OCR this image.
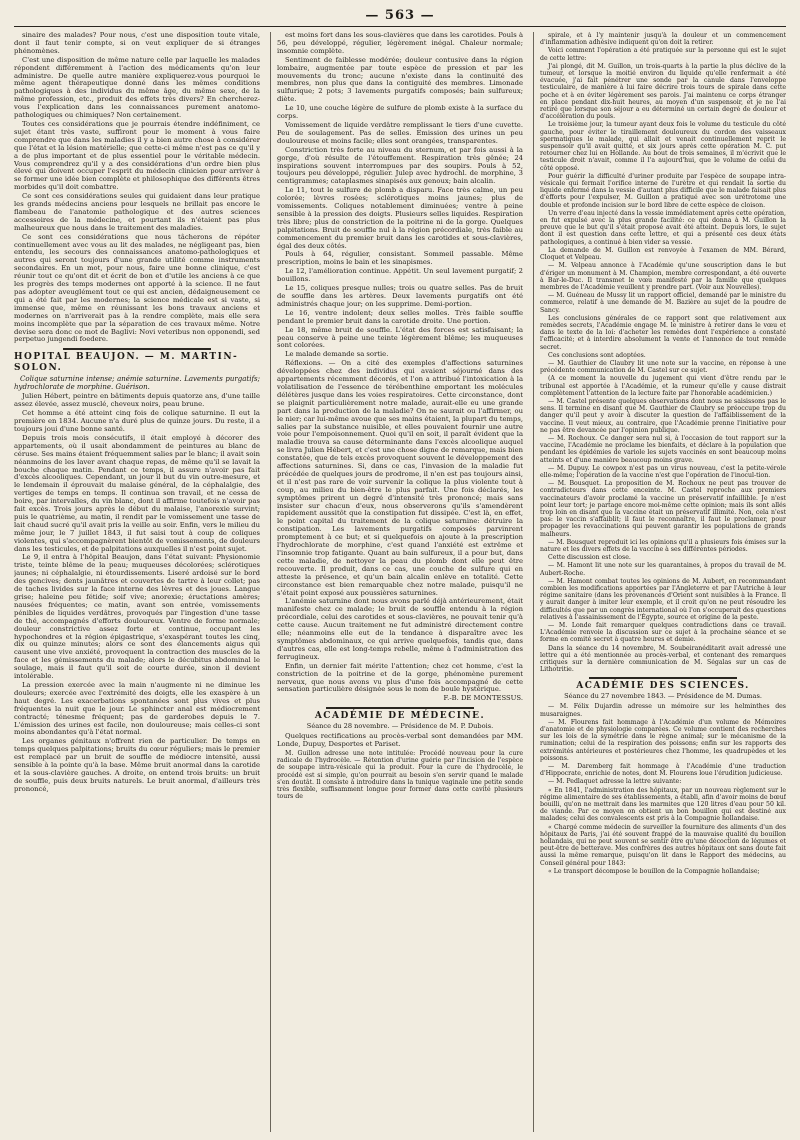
— 563 —

sinaire des malades? Pour nous, c'est une disposition toute vitale, dont il faut tenir compte, si on veut expliquer de si étranges phénomènes.

C'est une disposition de même nature celle par laquelle les malades répondent différemment à l'action des médicaments qu'on leur administre. De quelle autre manière expliquerez-vous pourquoi le même agent thérapeutique donné dans les mêmes conditions pathologiques à des individus du même âge, du même sexe, de la même profession, etc., produit des effets très divers? En chercherez-vous l'explication dans les connaissances purement anatomo-pathologiques ou chimiques? Non certainement.

Toutes ces considérations que je pourrais étendre indéfiniment, ce sujet étant très vaste, suffiront pour le moment à vous faire comprendre que dans les maladies il y a bien autre chose à considérer que l'état et la lésion matérielle; que cette-ci même n'est pas ce qu'il y a de plus important et de plus essentiel pour le véritable médecin. Vous comprendrez qu'il y a des considérations d'un ordre bien plus élevé qui doivent occuper l'esprit du médecin clinicien pour arriver à se former une idée bien complète et philosophique des différents êtres morbides qu'il doit combattre.

Ce sont ces considérations seules qui guidaient dans leur pratique les grands médecins anciens pour lesquels ne brillait pas encore le flambeau de l'anatomie pathologique et des autres sciences accessoires de la médecine, et pourtant ils n'étaient pas plus malheureux que nous dans le traitement des maladies.

Ce sont ces considérations que nous tâcherons de répéter continuellement avec vous au lit des malades, ne négligeant pas, bien entendu, les secours des connaissances anatomo-pathologiques et autres qui seront toujours d'une grande utilité comme instruments secondaires. En un mot, pour nous, faire une bonne clinique, c'est réunir tout ce qu'ont dit et écrit de bon et d'utile les anciens à ce que les progrès des temps modernes ont apporté à la science. Il ne faut pas adopter aveuglément tout ce qui est ancien, dédaigneusement ce qui a été fait par les modernes; la science médicale est si vaste, si immense que, même en réunissant les bons travaux anciens et modernes on n'arriverait pas à la rendre complète, mais elle sera moins incomplète que par la séparation de ces travaux même. Notre devise sera donc ce mot de Baglivi: Novi veteribus non opponendi, sed perpetuo jungendi foedere.

HOPITAL BEAUJON. — M. MARTIN-SOLON.
Colique saturnine intense; anémie saturnine. Lavements purgatifs; hydrochlorate de morphine. Guérison.

Julien Hébert, peintre en bâtiments depuis quatorze ans, d'une taille assez élevée, assez musclé, cheveux noirs, peau brune.

Cet homme a été atteint cinq fois de colique saturnine. Il eut la première en 1834. Aucune n'a duré plus de quinze jours. Du reste, il a toujours joui d'une bonne santé.

Depuis trois mois consécutifs, il était employé à décorer des appartements, où il usait abondamment de peintures au blanc de céruse. Ses mains étaient fréquemment salies par le blanc; il avait soin néanmoins de les laver avant chaque repas, de même qu'il se lavait la bouche chaque matin. Pendant ce temps, il assure n'avoir pas fait d'excès alcooliques. Cependant, un jour il but du vin outre-mesure, et le lendemain il éprouvait du malaise général, de la céphalalgie, des vertiges de temps en temps. Il continua son travail, et ne cessa de boire, par intervalles, du vin blanc, dont il affirme toutefois n'avoir pas fait excès. Trois jours après le début du malaise, l'anorexie survint; puis le quatrième, au matin, il rendit par le vomissement une tasse de lait chaud sucré qu'il avait pris la veille au soir. Enfin, vers le milieu du même jour, le 7 juillet 1843, il fut saisi tout à coup de coliques violentes, qui s'accompagnèrent bientôt de vomissements, de douleurs dans les testicules, et de palpitations auxquelles il n'est point sujet.

Le 9, il entra à l'hôpital Beaujon, dans l'état suivant: Physionomie triste, teinte blême de la peau; muqueuses décolorées; sclérotiques jaunes; ni céphalalgie, ni étourdissements. Liseré ardoisé sur le bord des gencives; dents jaunâtres et couvertes de tartre à leur collet; pas de taches livides sur la face interne des lèvres et des joues. Langue grise; haleine peu fétide; soif vive; anorexie; éructations amères; nausées fréquentes; ce matin, avant son entrée, vomissements pénibles de liquides verdâtres, provoqués par l'ingestion d'une tasse de thé, accompagnés d'efforts douloureux. Ventre de forme normale; douleur constrictive assez forte et continue, occupant les hypochondres et la région épigastrique, s'exaspérant toutes les cinq, dix ou quinze minutes; alors ce sont des élancements aigus qui causent une vive anxiété, provoquent la contraction des muscles de la face et les gémissements du malade; alors le décubitus abdominal le soulage, mais il faut qu'il soit de courte durée, sinon il devient intolérable.

La pression exercée avec la main n'augmente ni ne diminue les douleurs; exercée avec l'extrémité des doigts, elle les exaspère à un haut degré. Les exacerbations spontanées sont plus vives et plus fréquentes la nuit que le jour. Le sphincter anal est médiocrement contracté; ténesme fréquent; pas de garderobes depuis le 7. L'émission des urines est facile, non douloureuse; mais celles-ci sont moins abondantes qu'à l'état normal.

Les organes génitaux n'offrent rien de particulier. De temps en temps quelques palpitations; bruits du cœur réguliers; mais le premier est remplacé par un bruit de souffle de médiocre intensité, aussi sensible à la pointe qu'à la base. Même bruit anormal dans la carotide et la sous-clavière gauches. A droite, on entend trois bruits: un bruit de souffle, puis deux bruits naturels. Le bruit anormal, d'ailleurs très prononcé,

est moins fort dans les sous-clavières que dans les carotides. Pouls à 56, peu développé, régulier, légèrement inégal. Chaleur normale; insomnie complète.

Sentiment de faiblesse modérée; douleur contusive dans la région lombaire, augmentée par toute espèce de pression et par les mouvements du tronc; aucune n'existe dans la continuité des membres, non plus que dans la contiguité des membres. Limonade sulfurique; 2 pots; 3 lavements purgatifs composés; bain sulfureux; diète.

Le 10, une couche légère de sulfure de plomb existe à la surface du corps.

Vomissement de liquide verdâtre remplissant le tiers d'une cuvette. Peu de soulagement. Pas de selles. Emission des urines un peu douloureuse et moins facile; elles sont orangées, transparentes.

Constriction très forte au niveau du sternum, et par fois aussi à la gorge, d'où résulte de l'étouffement. Respiration très gênée; 24 inspirations souvent interrompues par des soupirs. Pouls à 52, toujours peu développé, régulier. Julep avec hydrochl. de morphine, 3 centigrammes; cataplasmes sinapisés aux genoux; bain alcalin.

Le 11, tout le sulfure de plomb a disparu. Face très calme, un peu colorée; lèvres rosées; sclérotiques moins jaunes; plus de vomissements. Coliques notablement diminuées; ventre à peine sensible à la pression des doigts. Plusieurs selles liquides. Respiration très libre; plus de constriction de la poitrine ni de la gorge. Quelques palpitations. Bruit de souffle nul à la région précordiale, très faible au commencement du premier bruit dans les carotides et sous-clavières, égal des deux côtés.

Pouls à 64, régulier, consistant. Sommeil passable. Même prescription, moins le bain et les sinapismes.

Le 12, l'amélioration continue. Appétit. Un seul lavement purgatif; 2 bouillons.

Le 15, coliques presque nulles; trois ou quatre selles. Pas de bruit de souffle dans les artères. Deux lavements purgatifs ont été administrés chaque jour; on les supprime. Demi-portion.

Le 16, ventre indolent; deux selles molles. Très faible souffle pendant le premier bruit dans la carotide droite. Une portion.

Le 18, même bruit de souffle. L'état des forces est satisfaisant; la peau conserve à peine une teinte légèrement blême; les muqueuses sont colorées.

Le malade demande sa sortie.

Réflexions. — On a cité des exemples d'affections saturnines développées chez des individus qui avaient séjourné dans des appartements récemment décorés, et l'on a attribué l'intoxication à la volatilisation de l'essence de térébenthine emportant les molécules délétères jusque dans les voies respiratoires. Cette circonstance, dont se plaignit particulièrement notre malade, aurait-elle eu une grande part dans la production de la maladie? On ne saurait ou l'affirmer, ou le nier; car lui-même avoue que ses mains étaient, la plupart du temps, salies par la substance nuisible, et elles pouvaient fournir une autre voie pour l'empoisonnement. Quoi qu'il en soit, il paraît évident que la maladie trouva sa cause déterminante dans l'excès alcoolique auquel se livra Julien Hébert, et c'est une chose digne de remarque, mais bien constatée, que de tels excès provoquent souvent le développement des affections saturnines. Si, dans ce cas, l'invasion de la maladie fut précédée de quelques jours de prodrome, il n'en est pas toujours ainsi, et il n'est pas rare de voir survenir la colique la plus violente tout à coup, au milieu du bien-être le plus parfait. Une fois déclarés, les symptômes prirent un degré d'intensité très prononcé; mais sans insister sur chacun d'eux, nous observerons qu'ils s'amendèrent rapidement aussitôt que la constipation fut dissipée. C'est là, en effet, le point capital du traitement de la colique saturnine: détruire la constipation. Les lavements purgatifs composés parvinrent promptement à ce but; et si quelquefois on ajoute à la prescription l'hydrochlorate de morphine, c'est quand l'anxiété est extrême et l'insomnie trop fatigante. Quant au bain sulfureux, il a pour but, dans cette maladie, de nettoyer la peau du plomb dont elle peut être recouverte. Il produit, dans ce cas, une couche de sulfure qui en atteste la présence, et qu'un bain alcalin enlève en totalité. Cette circonstance est bien remarquable chez notre malade, puisqu'il ne s'était point exposé aux poussières saturnines.

L'anémie saturnine dont nous avons parlé déjà antérieurement, était manifeste chez ce malade; le bruit de souffle entendu à la région précordiale, celui des carotides et sous-clavières, ne pouvait tenir qu'à cette cause. Aucun traitement ne fut administré directement contre elle; néanmoins elle eut de la tendance à disparaître avec les symptômes abdominaux, ce qui arrive quelquefois, tandis que, dans d'autres cas, elle est long-temps rebelle, même à l'administration des ferrugineux.

Enfin, un dernier fait mérite l'attention; chez cet homme, c'est la constriction de la poitrine et de la gorge, phénomène purement nerveux, que nous avons vu plus d'une fois accompagné de cette sensation particulière désignée sous le nom de boule hystérique.

F.-B. DE MONTESSUS.
ACADÉMIE DE MÉDECINE.
Séance du 28 novembre. — Présidence de M. P. Dubois.

Quelques rectifications au procès-verbal sont demandées par MM. Londe, Dupuy, Desportes et Pariset.

M. Guillon adresse une note intitulée: Procédé nouveau pour la cure radicale de l'hydrocèle. — Rétention d'urine guérie par l'incision de l'espèce de soupape intra-vésicale qui la produit. Pour la cure de l'hydrocèle, le procédé est si simple, qu'on pourrait au besoin s'en servir quand le malade s'en doutât. Il consiste à introduire dans la tunique vaginale une petite sonde très flexible, suffisamment longue pour former dans cette cavité plusieurs tours de

spirale, et à l'y maintenir jusqu'à la douleur et un commencement d'inflammation adhésive indiquent qu'on doit la retirer.

Voici comment l'opération a été pratiquée sur la personne qui est le sujet de cette lettre:

J'ai plongé, dit M. Guillon, un trois-quarts à la partie la plus déclive de la tumeur, et lorsque la moitié environ du liquide qu'elle renfermait a été évacuée, j'ai fait pénétrer une sonde par la canule dans l'enveloppe testiculaire, de manière à lui faire décrire trois tours de spirale dans cette poche et à en éviter légèrement ses parois. J'ai maintenu ce corps étranger en place pendant dix-huit heures, au moyen d'un suspensoir, et je ne l'ai retiré que lorsque son séjour a eu déterminé un certain degré de douleur et d'accélération du pouls.

Le troisième jour, la tumeur ayant deux fois le volume du testicule du côté gauche, pour éviter le tiraillement douloureux du cordon des vaisseaux spermatiques le malade, qui allait et venait continuellement reprit le suspensoir qu'il avait quitté, et six jours après cette opération M. C. put retourner chez lui en Hollande. Au bout de trois semaines, il m'écrivit que le testicule droit n'avait, comme il l'a aujourd'hui, que le volume de celui du côté opposé.

Pour guérir la difficulté d'uriner produite par l'espèce de soupape intra-vésicale qui fermait l'orifice interne de l'urètre et qui rendait la sortie du liquide enfermé dans la vessie d'autant plus difficile que le malade faisait plus d'efforts pour l'expulser, M. Guillon a pratiqué avec son urétrotome une double et profonde incision sur le bord libre de cette espèce de cloison.

Un verre d'eau injecté dans la vessie immédiatement après cette opération, en fut expulsé avec la plus grande facilité: ce qui donna à M. Guillon la preuve que le but qu'il s'était proposé avait été atteint. Depuis lors, le sujet dont il est question dans cette lettre, et qui a présenté ces deux états pathologiques, a continué à bien vider sa vessie.

La demande de M. Guillon est renvoyée à l'examen de MM. Bérard, Cloquet et Velpeau.

— M. Velpeau annonce à l'Académie qu'une souscription dans le but d'ériger un monument à M. Champion, membre correspondant, a été ouverte à Bar-le-Duc. Il transmet le vœu manifesté par la famille que quelques membres de l'Académie veuillent y prendre part. (Voir aux Nouvelles).

— M. Guéneau de Mussy lit un rapport officiel, demandé par le ministre du commerce, relatif à une demande de M. Bazière au sujet de la poudre de Sancy.

Les conclusions générales de ce rapport sont que relativement aux remèdes secrets, l'Académie engage M. le ministre à retirer dans le vœu et dans le texte de la loi: d'acheter les remèdes dont l'expérience a constaté l'efficacité; et à interdire absolument la vente et l'annonce de tout remède secret.

Ces conclusions sont adoptées.

— M. Gauthier de Claubry lit une note sur la vaccine, en réponse à une précédente communication de M. Castel sur ce sujet.

(A ce moment la nouvelle du jugement qui vient d'être rendu par le tribunal est apportée à l'Académie, et la rumeur qu'elle y cause distrait complètement l'attention de la lecture faite par l'honorable académicien.)

— M. Castel présente quelques observations dont nous ne saisissons pas le sens. Il termine en disant que M. Gauthier de Claubry se préoccupe trop du danger qu'il peut y avoir à discuter la question de l'affaiblissement de la vaccine. Il veut mieux, au contraire, que l'Académie prenne l'initiative pour ne pas être devancée par l'opinion publique.

— M. Rochoux. Ce danger sera nul si, à l'occasion de tout rapport sur la vaccine, l'Académie ne proclame les bienfaits, et déclare à la population que pendant les épidémies de variole les sujets vaccinés en sont beaucoup moins atteints et d'une manière beaucoup moins grave.

— M. Dupuy. Le cowpox n'est pas un virus nouveau, c'est la petite-vérole elle-même; l'opération de la vaccine n'est que l'opération de l'inocul-tion.

— M. Bousquet. La proposition de M. Rochoux ne peut pas trouver de contradicteurs dans cette enceinte. M. Castel reproche aux premiers vaccinateurs d'avoir proclamé la vaccine un préservatif infaillible. Je n'est point leur tort; je partage encore moi-même cette opinion; mais ils sont allés trop loin en disant que la vaccine était un préservatif illimité. Non, cela n'est pas: le vaccin s'affaiblit; il faut le reconnaître, il faut le proclamer, pour propager les revaccinations qui peuvent garantir les populations de grands malheurs.

— M. Bousquet reproduit ici les opinions qu'il a plusieurs fois émises sur la nature et les divers effets de la vaccine à ses différentes périodes.

Cette discussion est close.

— M. Hamont lit une note sur les quarantaines, à propos du travail de M. Aubert-Roche.

— M. Hamont combat toutes les opinions de M. Aubert, en recommandant combien les modifications apportées par l'Angleterre et par l'Autriche à leur régime sanitaire (dans les provenances d'Orient sont nuisibles à la France. Il y aurait danger à imiter leur exemple, et il croit qu'on ne peut résoudre les difficultés que par un congrès international où l'on s'occuperait des questions relatives à l'assainissement de l'Égypte, source et origine de la peste.

— M. Londe fait remarquer quelques contradictions dans ce travail. L'Académie renvoie la discussion sur ce sujet à la prochaine séance et se forme en comité secret à quatre heures et demie.

Dans la séance du 14 novembre, M. Soubeiranéditarit avait adressé une lettre qui a été mentionnée au procès-verbal, et contenant des remarques critiques sur la dernière communication de M. Ségalas sur un cas de Lithotritie.

ACADÉMIE DES SCIENCES.
Séance du 27 novembre 1843. — Présidence de M. Dumas.

— M. Félix Dujardin adresse un mémoire sur les helminthes des musaraignes.

— M. Flourens fait hommage à l'Académie d'un volume de Mémoires d'anatomie et de physiologie comparées. Ce volume contient des recherches sur les lois de la symétrie dans le règne animal; sur le mécanisme de la rumination; celui de la respiration des poissons; enfin sur les rapports des extrémités antérieures et postérieures chez l'homme, les quadrupèdes et les poissons.

— M. Daremberg fait hommage à l'Académie d'une traduction d'Hippocrate, enrichie de notes, dont M. Flourens loue l'érudition judicieuse.

— M. Pedlaquet adresse la lettre suivante:

« En 1841, l'administration des hôpitaux, par un nouveau règlement sur le régime alimentaire de ses établissements, a établi, afin d'avoir moins de bœuf bouilli, qu'on ne mettrait dans les marmites que 120 litres d'eau pour 50 kil. de viande. Par ce moyen on obtient un bon bouillon qui est destiné aux malades; celui des convalescents est pris à la Compagnie hollandaise.

« Chargé comme médecin de surveiller la fourniture des aliments d'un des hôpitaux de Paris, j'ai été souvent frappé de la mauvaise qualité du bouillon hollandais, qui ne peut souvent se sentir être qu'une décoction de légumes et peut-être de betterave. Mes confrères des autres hôpitaux ont sans doute fait aussi la même remarque, puisqu'on lit dans le Rapport des médecins, au Conseil général pour 1843:

« Le transport décompose le bouillon de la Compagnie hollandaise;
